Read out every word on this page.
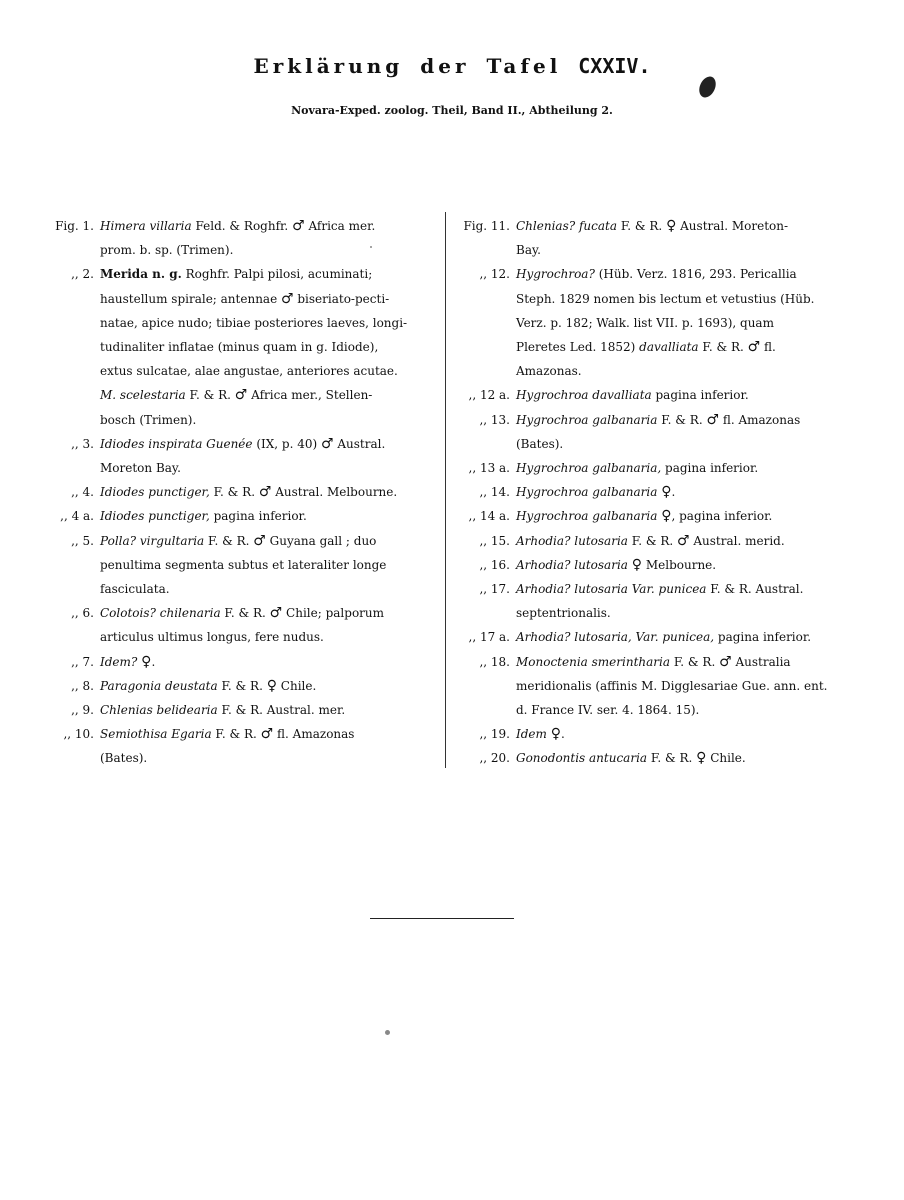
Erklärung der Tafel CXXIV.
Novara-Exped. zoolog. Theil, Band II., Abtheilung 2.
Fig. 1. Himera villaria Feld. & Roghfr. ♂ Africa mer.
prom. b. sp. (Trimen).
,, 2. Merida n. g. Roghfr. Palpi pilosi, acuminati;
haustellum spirale; antennae ♂ biseriato-pecti-
natae, apice nudo; tibiae posteriores laeves, longi-
tudinaliter inflatae (minus quam in g. Idiode),
extus sulcatae, alae angustae, anteriores acutae.
M. scelestaria F. & R. ♂ Africa mer., Stellen-
bosch (Trimen).
,, 3. Idiodes inspirata Guenée (IX, p. 40) ♂ Austral.
Moreton Bay.
,, 4. Idiodes punctiger, F. & R. ♂ Austral. Melbourne.
,, 4 a. Idiodes punctiger, pagina inferior.
,, 5. Polla? virgultaria F. & R. ♂ Guyana gall ; duo
penultima segmenta subtus et lateraliter longe
fasciculata.
,, 6. Colotois? chilenaria F. & R. ♂ Chile; palporum
articulus ultimus longus, fere nudus.
,, 7. Idem? ♀.
,, 8. Paragonia deustata F. & R. ♀ Chile.
,, 9. Chlenias belidearia F. & R. Austral. mer.
,, 10. Semiothisa Egaria F. & R. ♂ fl. Amazonas
(Bates).
Fig. 11. Chlenias? fucata F. & R. ♀ Austral. Moreton-
Bay.
,, 12. Hygrochroa? (Hüb. Verz. 1816, 293. Pericallia
Steph. 1829 nomen bis lectum et vetustius (Hüb.
Verz. p. 182; Walk. list VII. p. 1693), quam
Pleretes Led. 1852) davalliata F. & R. ♂ fl.
Amazonas.
,, 12 a. Hygrochroa davalliata pagina inferior.
,, 13. Hygrochroa galbanaria F. & R. ♂ fl. Amazonas
(Bates).
,, 13 a. Hygrochroa galbanaria, pagina inferior.
,, 14. Hygrochroa galbanaria ♀.
,, 14 a. Hygrochroa galbanaria ♀, pagina inferior.
,, 15. Arhodia? lutosaria F. & R. ♂ Austral. merid.
,, 16. Arhodia? lutosaria ♀ Melbourne.
,, 17. Arhodia? lutosaria Var. punicea F. & R. Austral.
septentrionalis.
,, 17 a. Arhodia? lutosaria, Var. punicea, pagina inferior.
,, 18. Monoctenia smerintharia F. & R. ♂ Australia
meridionalis (affinis M. Digglesariae Gue. ann. ent.
d. France IV. ser. 4. 1864. 15).
,, 19. Idem ♀.
,, 20. Gonodontis antucaria F. & R. ♀ Chile.
